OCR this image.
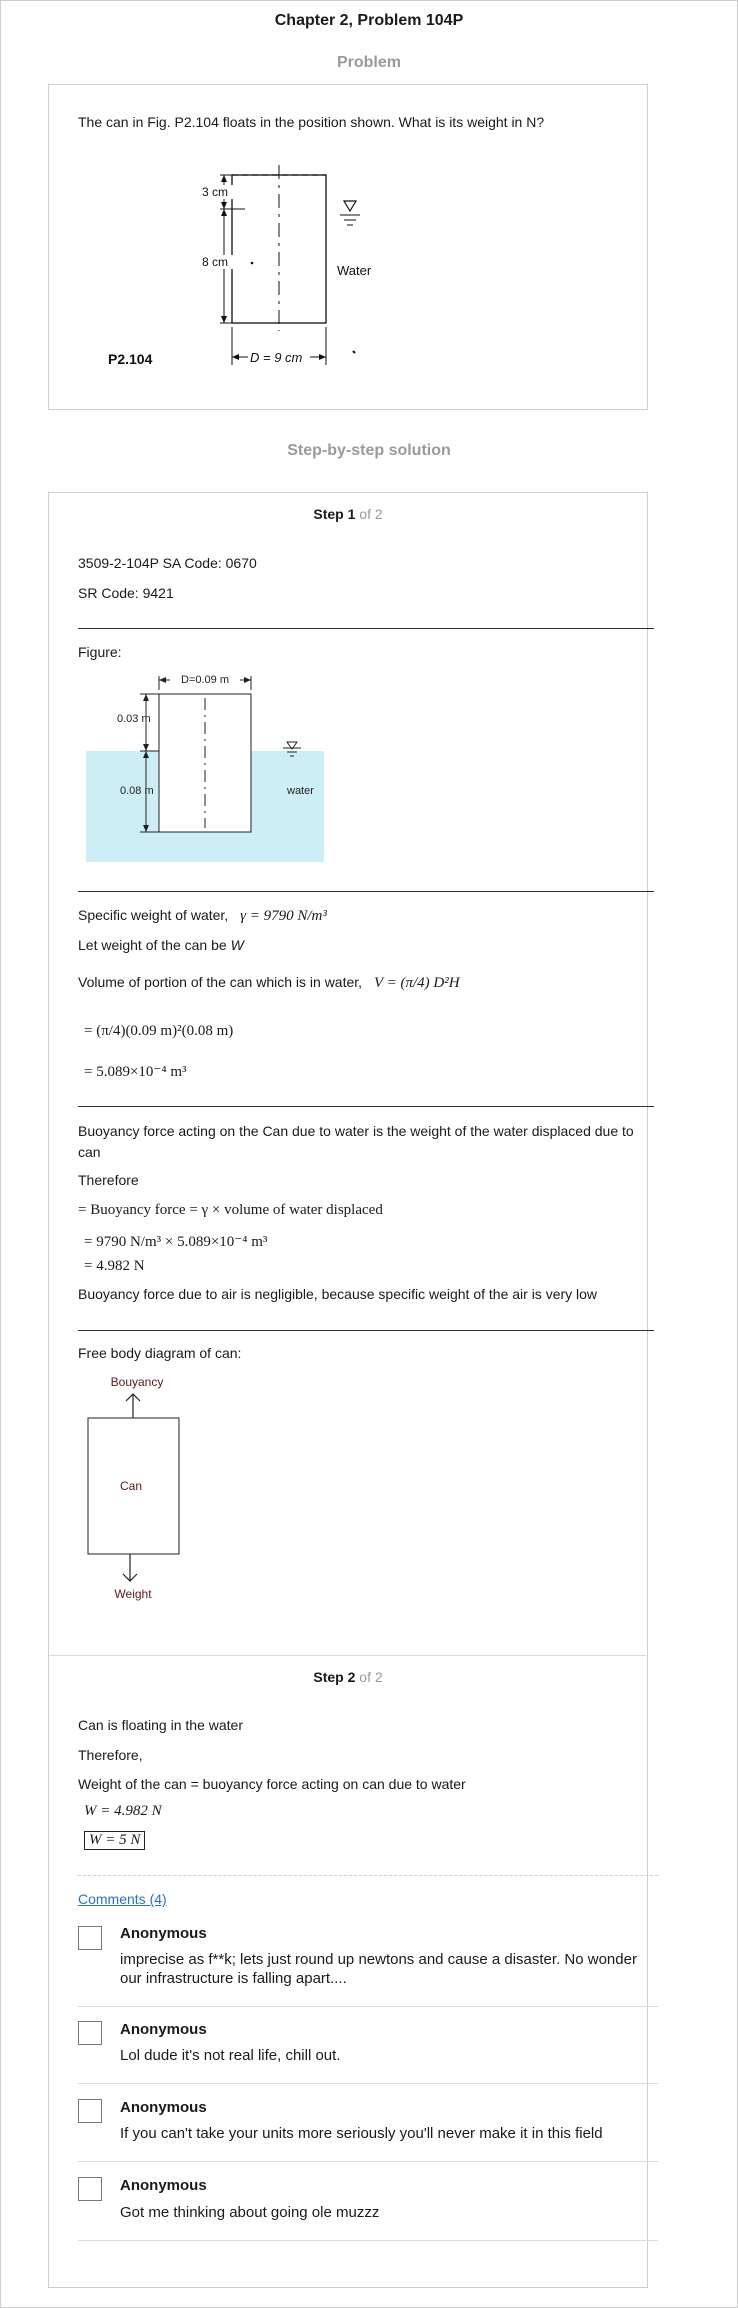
Chapter 2, Problem 104P
Problem
The can in Fig. P2.104 floats in the position shown. What is its weight in N?
3 cm
8 cm
Water
D = 9 cm
P2.104
Step-by-step solution
Step 1 of 2
3509-2-104P SA Code: 0670
SR Code: 9421
Figure:
D=0.09 m
0.03 m
0.08 m	water
Specific weight of water, γ = 9790 N/m³
Let weight of the can be W
Volume of portion of the can which is in water, V = (π/4) D²H
= (π/4)(0.09 m)²(0.08 m)
= 5.089×10⁻⁴ m³
Buoyancy force acting on the Can due to water is the weight of the water displaced due to can
Therefore
= Buoyancy force = γ × volume of water displaced
= 9790 N/m³ × 5.089×10⁻⁴ m³
= 4.982 N
Buoyancy force due to air is negligible, because specific weight of the air is very low
Free body diagram of can:
Bouyancy
Can
Weight
Step 2 of 2
Can is floating in the water
Therefore,
Weight of the can = buoyancy force acting on can due to water
W = 4.982 N
W = 5 N
Comments (4)
Anonymous
imprecise as f**k; lets just round up newtons and cause a disaster. No wonder our infrastructure is falling apart....
Anonymous
Lol dude it's not real life, chill out.
Anonymous
If you can't take your units more seriously you'll never make it in this field
Anonymous
Got me thinking about going ole muzzz
